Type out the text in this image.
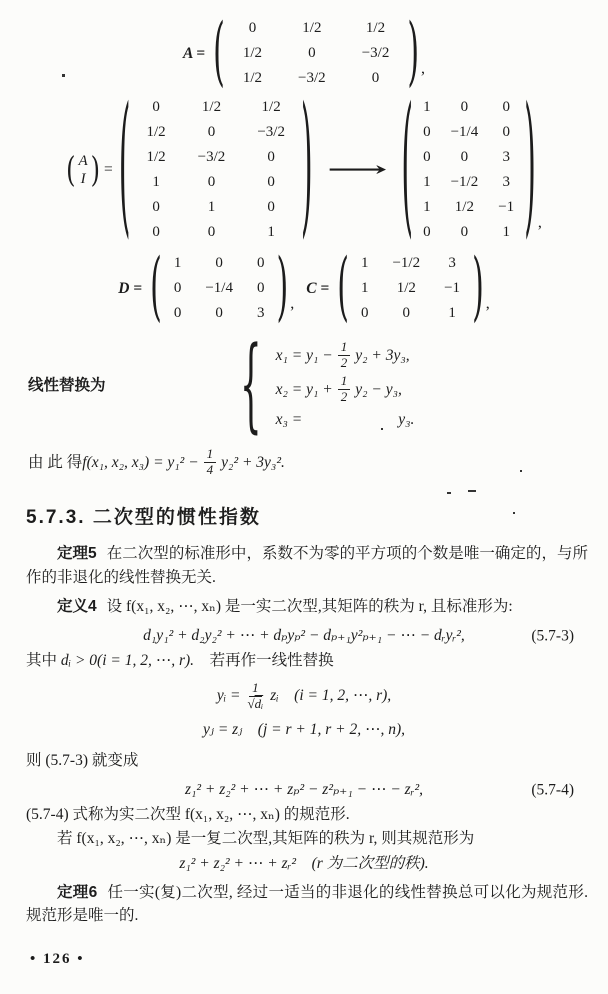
A = (	0	1/2	1/2
1/2	0	−3/2
1/2	−3/2	0 ) ,
( A
I ) = (	0	1/2	1/2
1/2	0	−3/2
1/2	−3/2	0
1	0	0
0	1	0
0	0	1 ) ⟶ ( 1	0	0
0	−1/4	0
0	0	3
1	−1/2	3
1	1/2	−1
0	0	1 ) ,
D = ( 1	0	0
0	−1/4	0
0	0	3 ) ,
C = ( 1	−1/2	3
1	1/2	−1
0	0	1 ) ,
线性替换为	{ $x_1 = y_1 - \frac{1}{2} y_2 + 3y_3$,
$x_2 = y_1 + \frac{1}{2} y_2 - y_3$,
x₃ =	y₃.
由 此 得 f(x₁, x₂, $x_3) = y_1^2 - \frac{1}{4} y_2^2 + 3y_3^2$.
5.7.3. 二次型的惯性指数

定理5 在二次型的标准形中，系数不为零的平方项的个数是唯一确定的，与所作的非退化的线性替换无关.

定义4 设 f(x₁, x₂, ⋯, xₙ) 是一实二次型,其矩阵的秩为 r, 且标准形为:

d₁y₁² + d₂y₂² + ⋯ + dₚyₚ² − dₚ₊₁y²ₚ₊₁ − ⋯ − dᵣyᵣ²,	(5.7-3)

其中 dᵢ > 0(i = 1, 2, ⋯, r).　若再作一线性替换

yᵢ = $\frac{1}{\text{√dᵢ}}$ zᵢ　(i = 1, 2, ⋯, r),
yⱼ = zⱼ　(j = r + 1, r + 2, ⋯, n),

则 (5.7-3) 就变成

z₁² + z₂² + ⋯ + zₚ² − z²ₚ₊₁ − ⋯ − zᵣ²,	(5.7-4)

(5.7-4) 式称为实二次型 f(x₁, x₂, ⋯, xₙ) 的规范形.

若 f(x₁, x₂, ⋯, xₙ) 是一复二次型,其矩阵的秩为 r, 则其规范形为

z₁² + z₂² + ⋯ + zᵣ²　(r 为二次型的秩).

定理6 任一实(复)二次型, 经过一适当的非退化的线性替换总可以化为规范形. 规范形是唯一的.

• 126 •
